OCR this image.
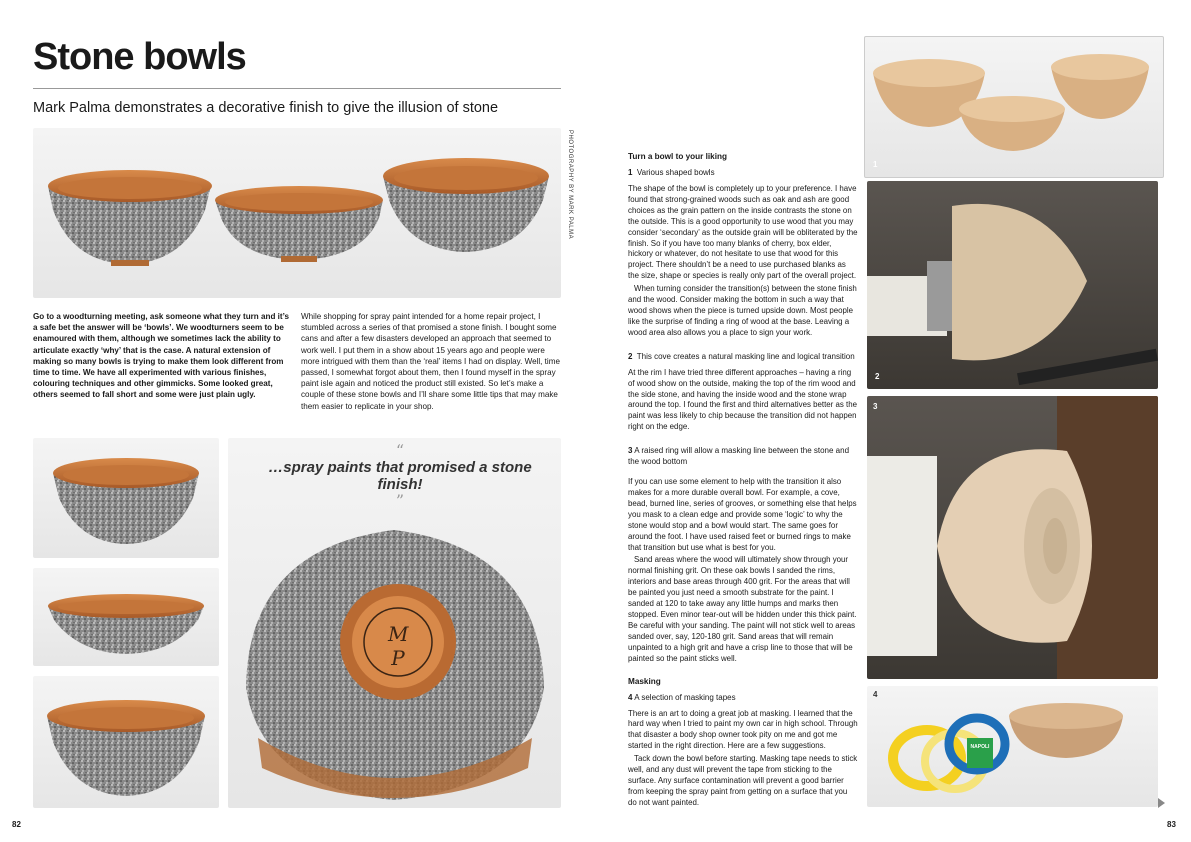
Stone bowls
Mark Palma demonstrates a decorative finish to give the illusion of stone
PHOTOGRAPHY BY MARK PALMA

Go to a woodturning meeting, ask someone what they turn and it’s a safe bet the answer will be ‘bowls’. We woodturners seem to be enamoured with them, although we sometimes lack the ability to articulate exactly ‘why’ that is the case. A natural extension of making so many bowls is trying to make them look different from time to time. We have all experimented with various finishes, colouring techniques and other gimmicks. Some looked great, others seemed to fall short and some were just plain ugly.

While shopping for spray paint intended for a home repair project, I stumbled across a series of that promised a stone finish. I bought some cans and after a few disasters developed an approach that seemed to work well. I put them in a show about 15 years ago and people were more intrigued with them than the ‘real’ items I had on display. Well, time passed, I somewhat forgot about them, then I found myself in the spray paint isle again and noticed the product still existed. So let’s make a couple of these stone bowls and I’ll share some little tips that may make them easier to replicate in your shop.

M P
“
…spray paints that promised a stone finish!
”
82
Turn a bowl to your liking
1 Various shaped bowls

The shape of the bowl is completely up to your preference. I have found that strong-grained woods such as oak and ash are good choices as the grain pattern on the inside contrasts the stone on the outside. This is a good opportunity to use wood that you may consider ‘secondary’ as the outside grain will be obliterated by the finish. So if you have too many blanks of cherry, box elder, hickory or whatever, do not hesitate to use that wood for this project. There shouldn’t be a need to use purchased blanks as the size, shape or species is really only part of the overall project.

When turning consider the transition(s) between the stone finish and the wood. Consider making the bottom in such a way that wood shows when the piece is turned upside down. Most people like the surprise of finding a ring of wood at the base. Leaving a wood area also allows you a place to sign your work.

2 This cove creates a natural masking line and logical transition

At the rim I have tried three different approaches – having a ring of wood show on the outside, making the top of the rim wood and the side stone, and having the inside wood and the stone wrap around the top. I found the first and third alternatives better as the paint was less likely to chip because the transition did not happen right on the edge.

3 A raised ring will allow a masking line between the stone and the wood bottom

If you can use some element to help with the transition it also makes for a more durable overall bowl. For example, a cove, bead, burned line, series of grooves, or something else that helps you mask to a clean edge and provide some ‘logic’ to why the stone would stop and a bowl would start. The same goes for around the foot. I have used raised feet or burned rings to make that transition but use what is best for you.

Sand areas where the wood will ultimately show through your normal finishing grit. On these oak bowls I sanded the rims, interiors and base areas through 400 grit. For the areas that will be painted you just need a smooth substrate for the paint. I sanded at 120 to take away any little humps and marks then stopped. Even minor tear-out will be hidden under this thick paint. Be careful with your sanding. The paint will not stick well to areas sanded over, say, 120-180 grit. Sand areas that will remain unpainted to a high grit and have a crisp line to those that will be painted so the paint sticks well.

Masking
4 A selection of masking tapes

There is an art to doing a great job at masking. I learned that the hard way when I tried to paint my own car in high school. Through that disaster a body shop owner took pity on me and got me started in the right direction. Here are a few suggestions.

Tack down the bowl before starting. Masking tape needs to stick well, and any dust will prevent the tape from sticking to the surface. Any surface contamination will prevent a good barrier from keeping the spray paint from getting on a surface that you do not want painted.

1
2
3
NAPOLI
4
83
